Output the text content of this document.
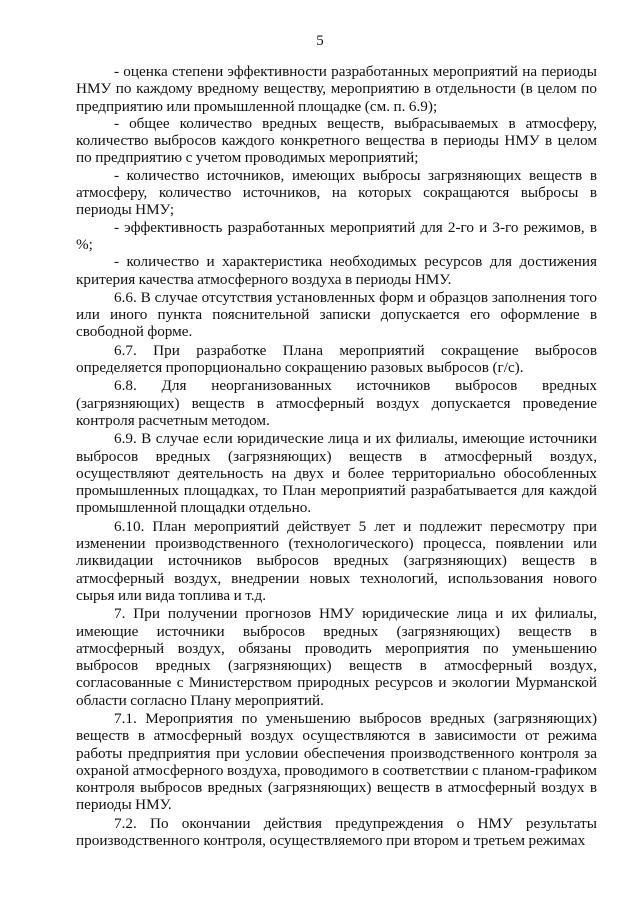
5

- оценка степени эффективности разработанных мероприятий на периоды НМУ по каждому вредному веществу, мероприятию в отдельности (в целом по предприятию или промышленной площадке (см. п. 6.9);

- общее количество вредных веществ, выбрасываемых в атмосферу, количество выбросов каждого конкретного вещества в периоды НМУ в целом по предприятию с учетом проводимых мероприятий;

- количество источников, имеющих выбросы загрязняющих веществ в атмосферу, количество источников, на которых сокращаются выбросы в периоды НМУ;

- эффективность разработанных мероприятий для 2-го и 3-го режимов, в %;

- количество и характеристика необходимых ресурсов для достижения критерия качества атмосферного воздуха в периоды НМУ.

6.6. В случае отсутствия установленных форм и образцов заполнения того или иного пункта пояснительной записки допускается его оформление в свободной форме.

6.7. При разработке Плана мероприятий сокращение выбросов определяется пропорционально сокращению разовых выбросов (г/с).

6.8. Для неорганизованных источников выбросов вредных (загрязняющих) веществ в атмосферный воздух допускается проведение контроля расчетным методом.

6.9. В случае если юридические лица и их филиалы, имеющие источники выбросов вредных (загрязняющих) веществ в атмосферный воздух, осуществляют деятельность на двух и более территориально обособленных промышленных площадках, то План мероприятий разрабатывается для каждой промышленной площадки отдельно.

6.10. План мероприятий действует 5 лет и подлежит пересмотру при изменении производственного (технологического) процесса, появлении или ликвидации источников выбросов вредных (загрязняющих) веществ в атмосферный воздух, внедрении новых технологий, использования нового сырья или вида топлива и т.д.

7. При получении прогнозов НМУ юридические лица и их филиалы, имеющие источники выбросов вредных (загрязняющих) веществ в атмосферный воздух, обязаны проводить мероприятия по уменьшению выбросов вредных (загрязняющих) веществ в атмосферный воздух, согласованные с Министерством природных ресурсов и экологии Мурманской области согласно Плану мероприятий.

7.1. Мероприятия по уменьшению выбросов вредных (загрязняющих) веществ в атмосферный воздух осуществляются в зависимости от режима работы предприятия при условии обеспечения производственного контроля за охраной атмосферного воздуха, проводимого в соответствии с планом-графиком контроля выбросов вредных (загрязняющих) веществ в атмосферный воздух в периоды НМУ.

7.2. По окончании действия предупреждения о НМУ результаты производственного контроля, осуществляемого при втором и третьем режимах
